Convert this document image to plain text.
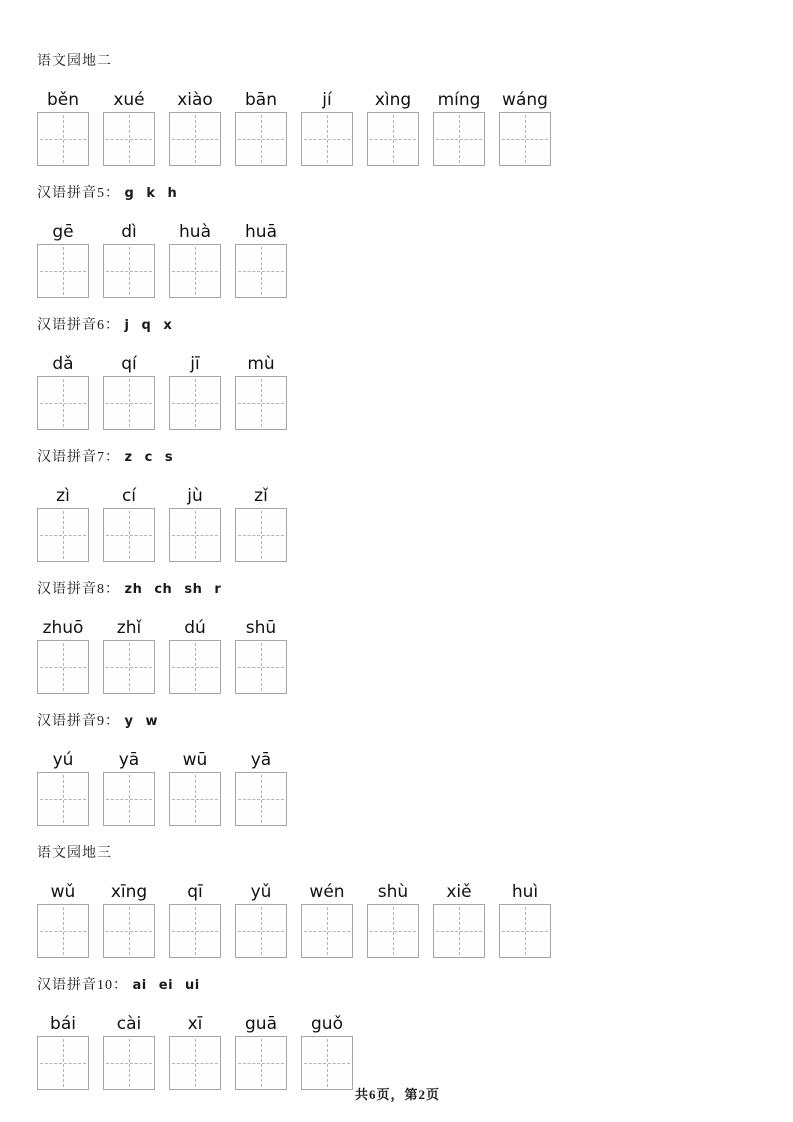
语文园地二
běn	xué	xiào	bān	jí	xìng	míng wáng
汉语拼音5： g k h
gē	dì	huà	huā
汉语拼音6： j q x
dǎ	qí	jī	mù
汉语拼音7： z c s
zì	cí	jù	zǐ
汉语拼音8： zh ch sh r
zhuō	zhǐ	dú	shū
汉语拼音9： y w
yú	yā	wū	yā
语文园地三
wǔ	xīng	qī	yǔ	wén	shù	xiě	huì
汉语拼音10： ai ei ui
bái	cài	xī	guā	guǒ
共6页，第2页
